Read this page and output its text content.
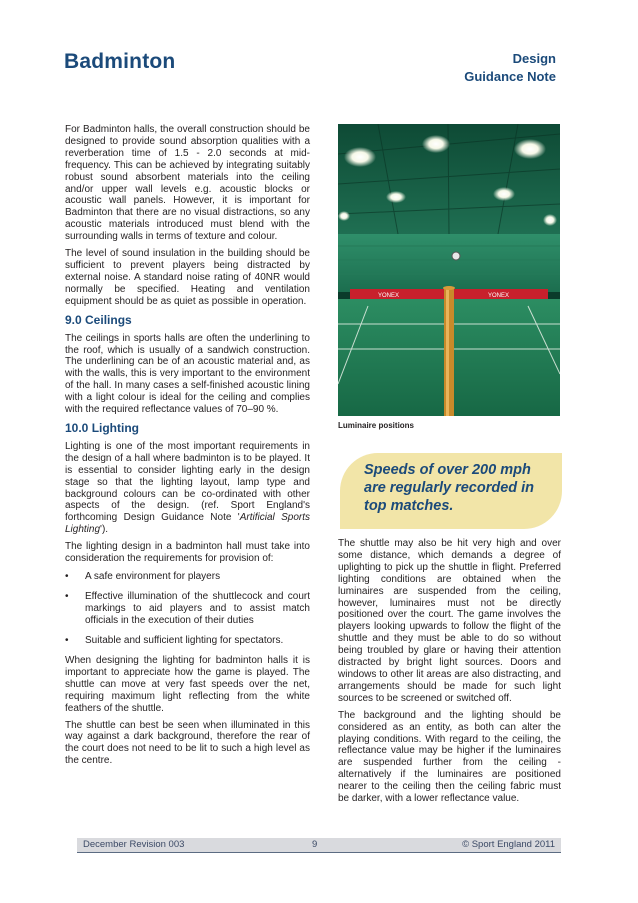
Badminton	Design
Guidance Note

For Badminton halls, the overall construction should be designed to provide sound absorption qualities with a reverberation time of 1.5 - 2.0 seconds at mid-frequency. This can be achieved by integrating suitably robust sound absorbent materials into the ceiling and/or upper wall levels e.g. acoustic blocks or acoustic wall panels. However, it is important for Badminton that there are no visual distractions, so any acoustic materials introduced must blend with the surrounding walls in terms of texture and colour.

The level of sound insulation in the building should be sufficient to prevent players being distracted by external noise. A standard noise rating of 40NR would normally be specified. Heating and ventilation equipment should be as quiet as possible in operation.

9.0 Ceilings

The ceilings in sports halls are often the underlining to the roof, which is usually of a sandwich construction. The underlining can be of an acoustic material and, as with the walls, this is very important to the environment of the hall. In many cases a self-finished acoustic lining with a light colour is ideal for the ceiling and complies with the required reflectance values of 70–90 %.

10.0 Lighting

Lighting is one of the most important requirements in the design of a hall where badminton is to be played. It is essential to consider lighting early in the design stage so that the lighting layout, lamp type and background colours can be co-ordinated with other aspects of the design. (ref. Sport England's forthcoming Design Guidance Note 'Artificial Sports Lighting').

The lighting design in a badminton hall must take into consideration the requirements for provision of:

• A safe environment for players
• Effective illumination of the shuttlecock and court markings to aid players and to assist match officials in the execution of their duties
• Suitable and sufficient lighting for spectators.

When designing the lighting for badminton halls it is important to appreciate how the game is played. The shuttle can move at very fast speeds over the net, requiring maximum light reflecting from the white feathers of the shuttle.

The shuttle can best be seen when illuminated in this way against a dark background, therefore the rear of the court does not need to be lit to such a high level as the centre.

YONEX	YONEX
Luminaire positions
Speeds of over 200 mph are regularly recorded in top matches.

The shuttle may also be hit very high and over some distance, which demands a degree of uplighting to pick up the shuttle in flight. Preferred lighting conditions are obtained when the luminaires are suspended from the ceiling, however, luminaires must not be directly positioned over the court. The game involves the players looking upwards to follow the flight of the shuttle and they must be able to do so without being troubled by glare or having their attention distracted by bright light sources. Doors and windows to other lit areas are also distracting, and arrangements should be made for such light sources to be screened or switched off.

The background and the lighting should be considered as an entity, as both can alter the playing conditions. With regard to the ceiling, the reflectance value may be higher if the luminaires are suspended further from the ceiling - alternatively if the luminaires are positioned nearer to the ceiling then the ceiling fabric must be darker, with a lower reflectance value.

December Revision 003	9	© Sport England 2011
